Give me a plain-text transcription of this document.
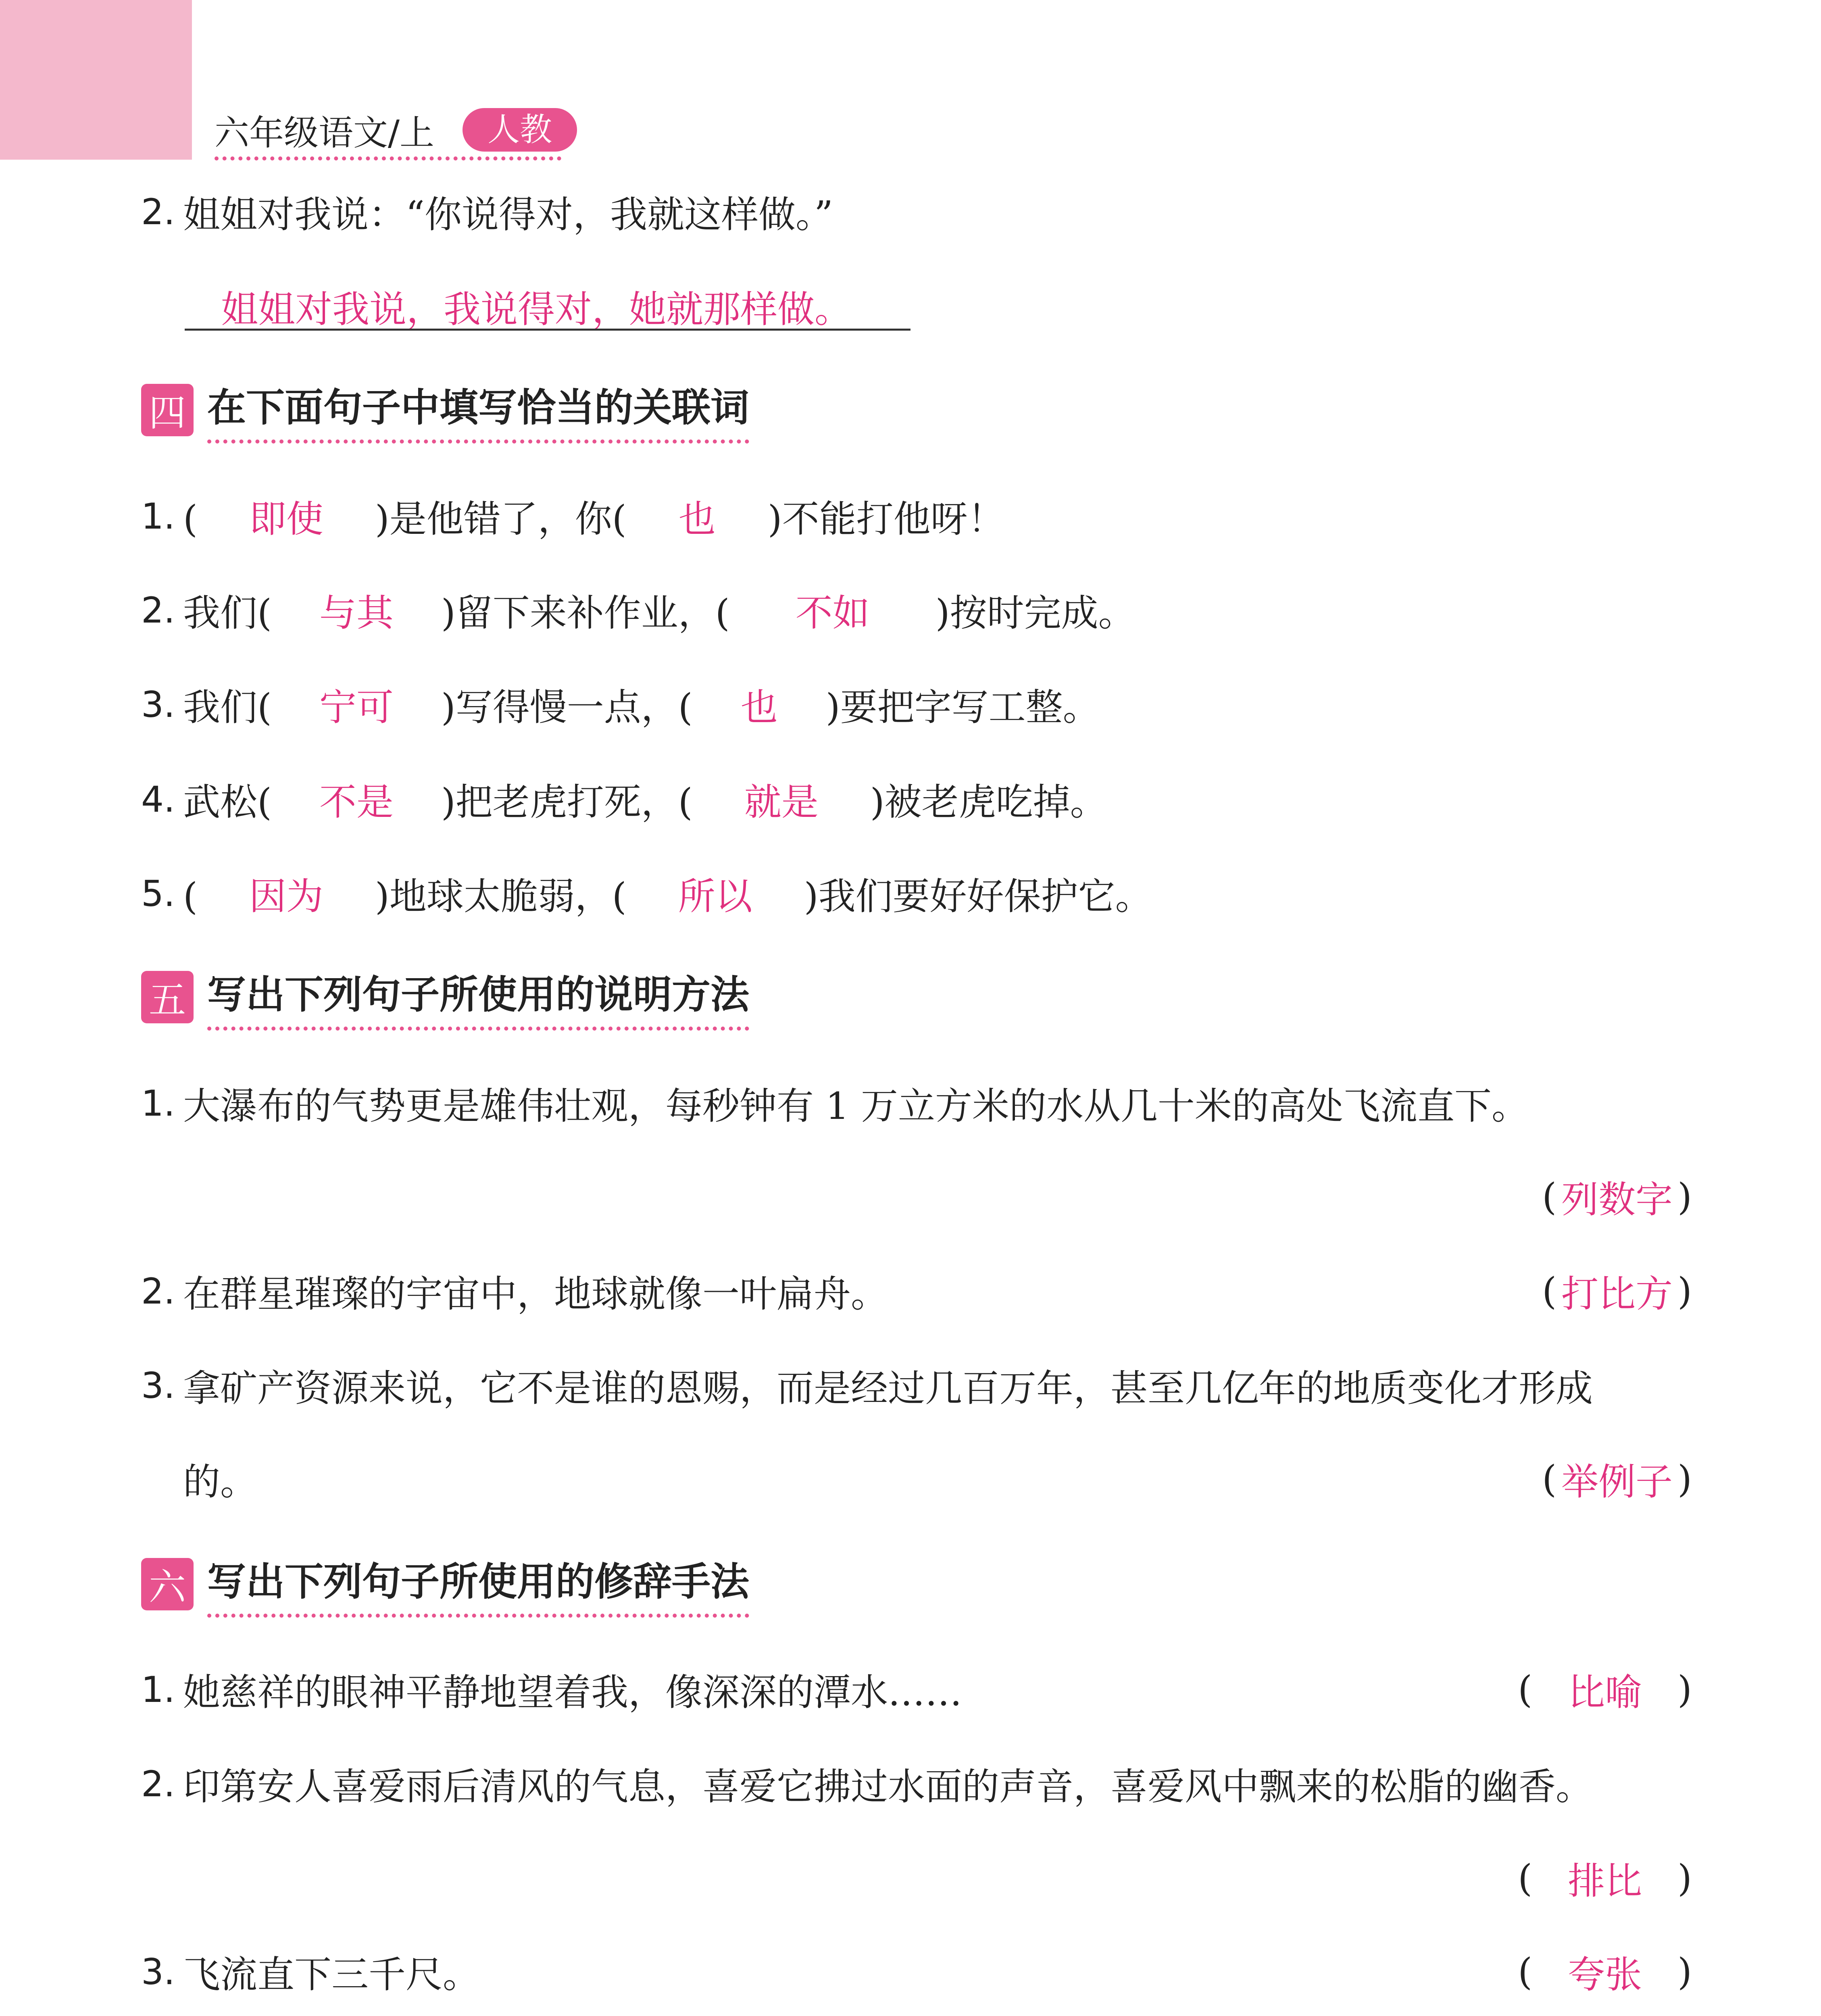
六年级语文/上	人教
2. 姐姐对我说：“你说得对，我就这样做。”
姐姐对我说，我说得对，她就那样做。
四 在下面句子中填写恰当的关联词
1. ( 即使 )是他错了，你( 也 )不能打他呀！
2. 我们( 与其 )留下来补作业，( 不如 )按时完成。
3. 我们( 宁可 )写得慢一点，( 也 )要把字写工整。
4. 武松( 不是 )把老虎打死，( 就是 )被老虎吃掉。
5. ( 因为 )地球太脆弱，( 所以 )我们要好好保护它。
五 写出下列句子所使用的说明方法
1. 大瀑布的气势更是雄伟壮观，每秒钟有 1 万立方米的水从几十米的高处飞流直下。
( 列数字 )
2. 在群星璀璨的宇宙中，地球就像一叶扁舟。	( 打比方 )
3. 拿矿产资源来说，它不是谁的恩赐，而是经过几百万年，甚至几亿年的地质变化才形成
的。	( 举例子 )
六 写出下列句子所使用的修辞手法
1. 她慈祥的眼神平静地望着我，像深深的潭水……	( 比喻 )
2. 印第安人喜爱雨后清风的气息，喜爱它拂过水面的声音，喜爱风中飘来的松脂的幽香。
( 排比 )
3. 飞流直下三千尺。	( 夸张 )
